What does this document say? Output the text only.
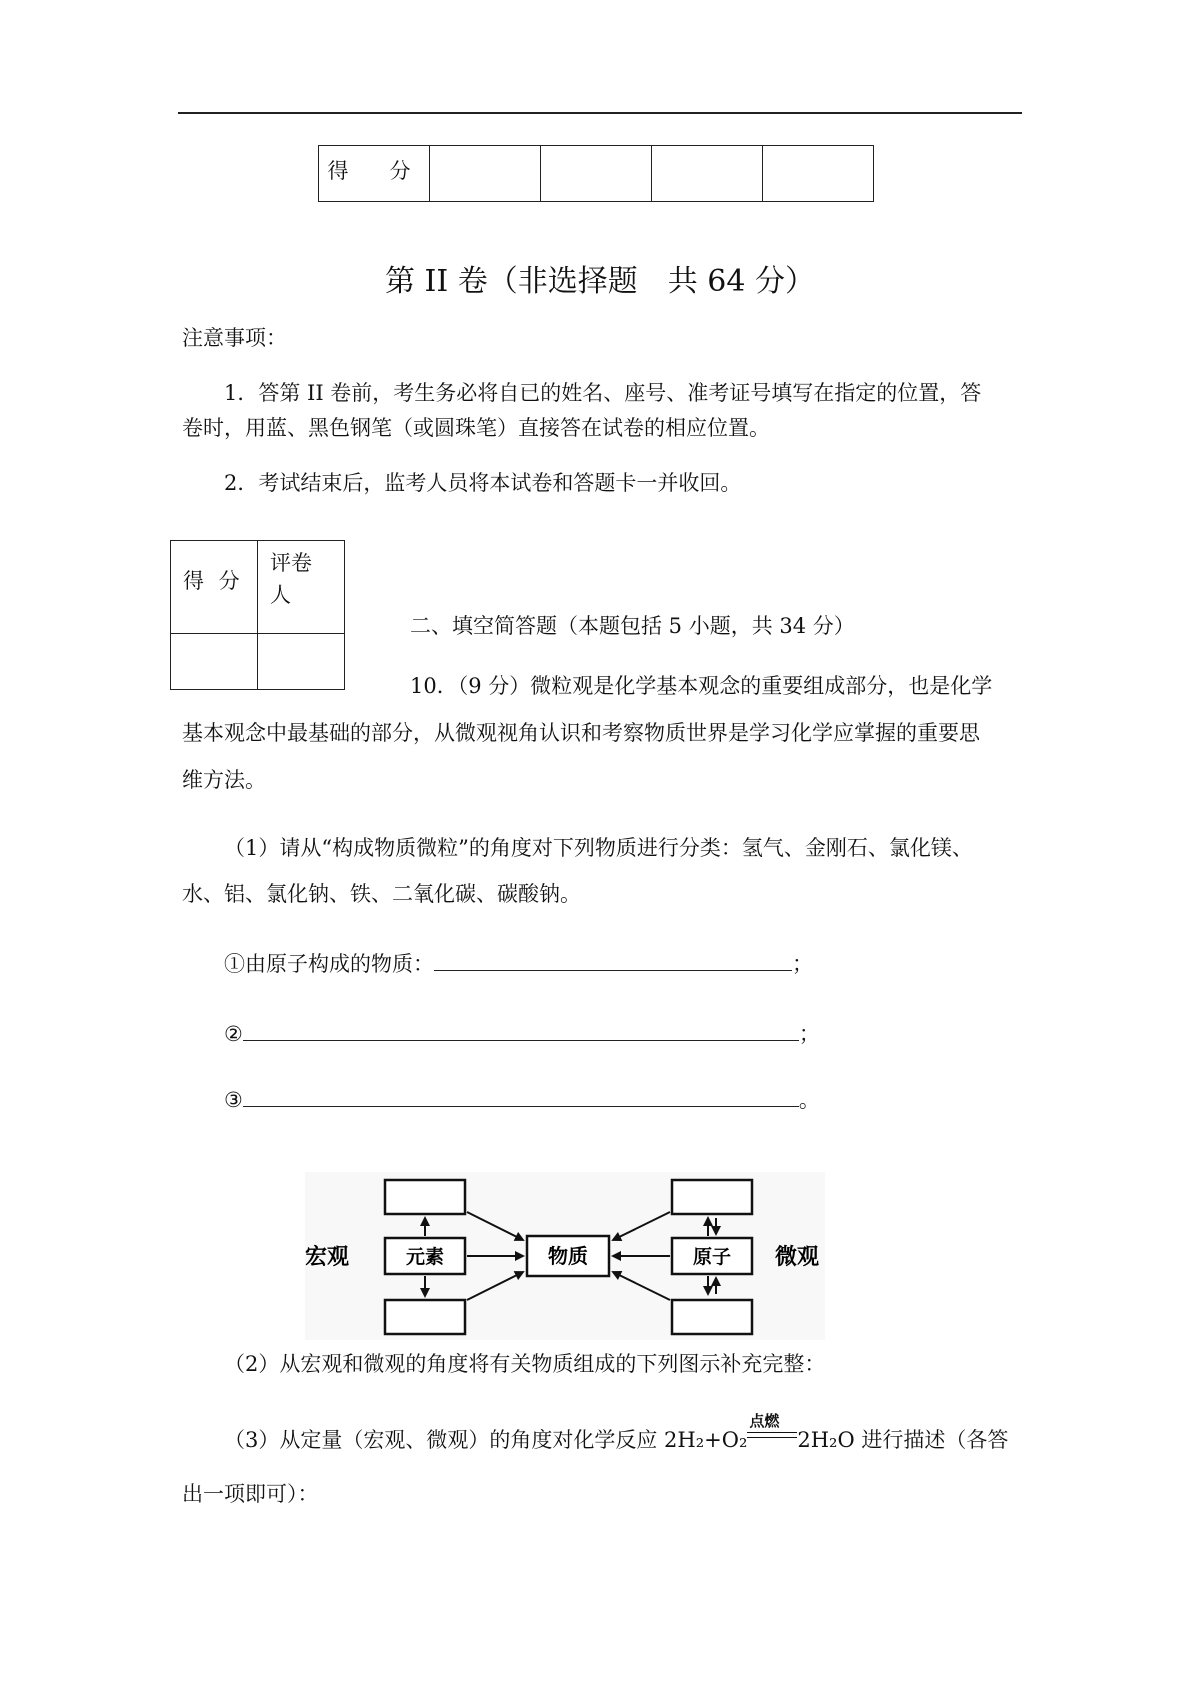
得　分				
第 II 卷（非选择题　共 64 分）
注意事项：
1．答第 II 卷前，考生务必将自已的姓名、座号、准考证号填写在指定的位置，答
卷时，用蓝、黑色钢笔（或圆珠笔）直接答在试卷的相应位置。
2．考试结束后，监考人员将本试卷和答题卡一并收回。
得 分	评卷
人

二、填空简答题（本题包括 5 小题，共 34 分）
10．（9 分）微粒观是化学基本观念的重要组成部分，也是化学
基本观念中最基础的部分，从微观视角认识和考察物质世界是学习化学应掌握的重要思
维方法。
（1）请从“构成物质微粒”的角度对下列物质进行分类：氢气、金刚石、氯化镁、
水、铝、氯化钠、铁、二氧化碳、碳酸钠。
①由原子构成的物质：	；
②	；
③	。
宏观	微观
元素	物质	原子
（2）从宏观和微观的角度将有关物质组成的下列图示补充完整：
（3）从定量（宏观、微观）的角度对化学反应 2H₂+O₂
点燃
2H₂O 进行描述（各答
出一项即可）：
